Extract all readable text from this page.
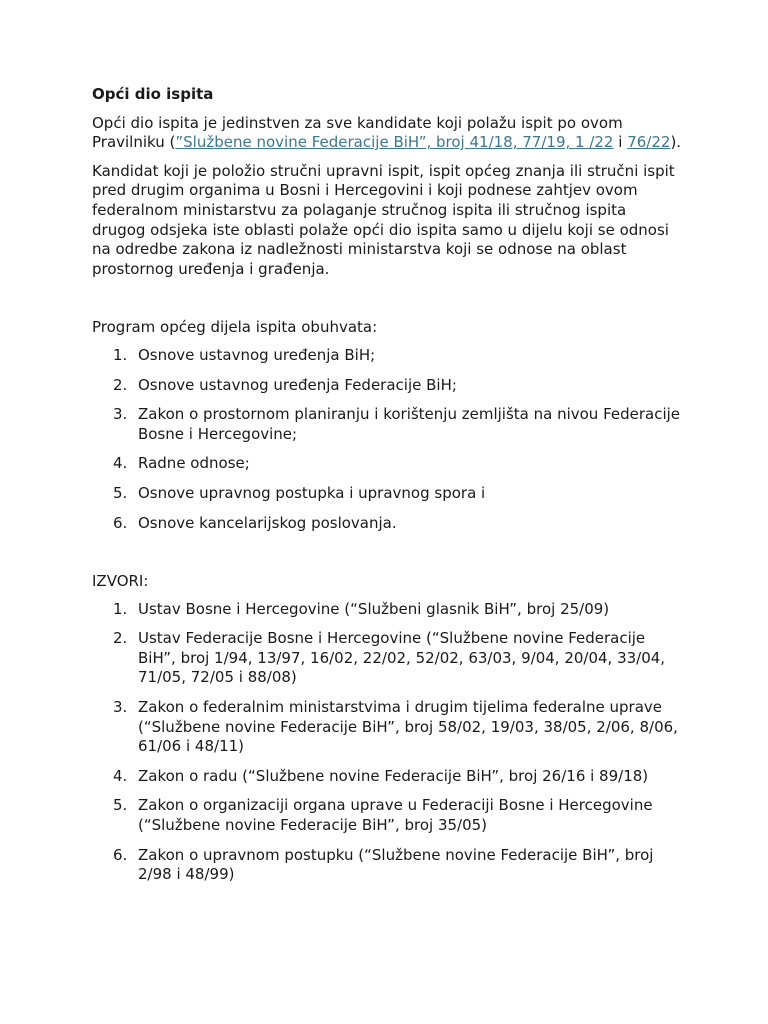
Opći dio ispita

Opći dio ispita je jedinstven za sve kandidate koji polažu ispit po ovom Pravilniku (”Službene novine Federacije BiH”, broj 41/18, 77/19, 1 /22 i 76/22).

Kandidat koji je položio stručni upravni ispit, ispit općeg znanja ili stručni ispit pred drugim organima u Bosni i Hercegovini i koji podnese zahtjev ovom federalnom ministarstvu za polaganje stručnog ispita ili stručnog ispita drugog odsjeka iste oblasti polaže opći dio ispita samo u dijelu koji se odnosi na odredbe zakona iz nadležnosti ministarstva koji se odnose na oblast prostornog uređenja i građenja.

Program općeg dijela ispita obuhvata:

1. Osnove ustavnog uređenja BiH;
2. Osnove ustavnog uređenja Federacije BiH;
3. Zakon o prostornom planiranju i korištenju zemljišta na nivou Federacije Bosne i Hercegovine;
4. Radne odnose;
5. Osnove upravnog postupka i upravnog spora i
6. Osnove kancelarijskog poslovanja.

IZVORI:

1. Ustav Bosne i Hercegovine (“Službeni glasnik BiH”, broj 25/09)
2. Ustav Federacije Bosne i Hercegovine (“Službene novine Federacije BiH”, broj 1/94, 13/97, 16/02, 22/02, 52/02, 63/03, 9/04, 20/04, 33/04, 71/05, 72/05 i 88/08)
3. Zakon o federalnim ministarstvima i drugim tijelima federalne uprave (“Službene novine Federacije BiH”, broj 58/02, 19/03, 38/05, 2/06, 8/06, 61/06 i 48/11)
4. Zakon o radu (“Službene novine Federacije BiH”, broj 26/16 i 89/18)
5. Zakon o organizaciji organa uprave u Federaciji Bosne i Hercegovine (“Službene novine Federacije BiH”, broj 35/05)
6. Zakon o upravnom postupku (“Službene novine Federacije BiH”, broj 2/98 i 48/99)
